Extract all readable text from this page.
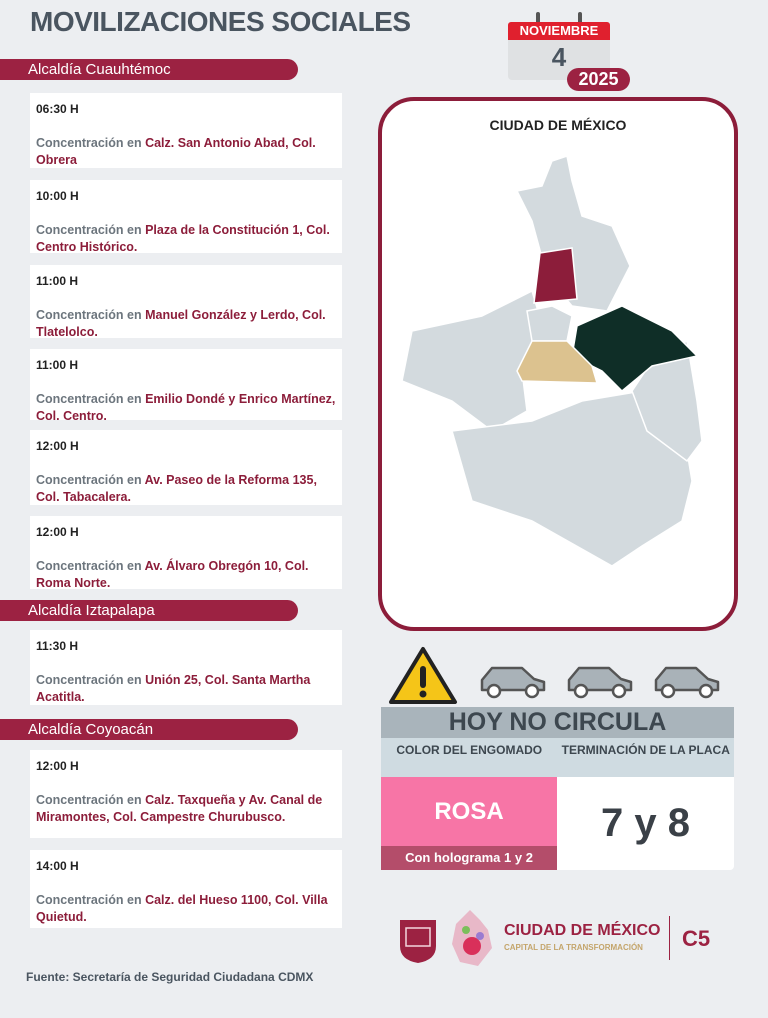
MOVILIZACIONES SOCIALES	NOVIEMBRE
4
2025
Alcaldía Cuauhtémoc
06:30 H
Concentración en Calz. San Antonio Abad, Col. Obrera
10:00 H
Concentración en Plaza de la Constitución 1, Col. Centro Histórico.
11:00 H
Concentración en Manuel González y Lerdo, Col. Tlatelolco.
11:00 H
Concentración en Emilio Dondé y Enrico Martínez, Col. Centro.
12:00 H
Concentración en Av. Paseo de la Reforma 135, Col. Tabacalera.
12:00 H
Concentración en Av. Álvaro Obregón 10, Col. Roma Norte.
Alcaldía Iztapalapa
11:30 H
Concentración en Unión 25, Col. Santa Martha Acatitla.
Alcaldía Coyoacán
12:00 H
Concentración en Calz. Taxqueña y Av. Canal de Miramontes, Col. Campestre Churubusco.
14:00 H
Concentración en Calz. del Hueso 1100, Col. Villa Quietud.
CIUDAD DE MÉXICO
HOY NO CIRCULA
COLOR DEL ENGOMADO	TERMINACIÓN DE LA PLACA
ROSA
Con holograma 1 y 2
7 y 8
CIUDAD DE MÉXICO
CAPITAL DE LA TRANSFORMACIÓN C5
Fuente: Secretaría de Seguridad Ciudadana CDMX
